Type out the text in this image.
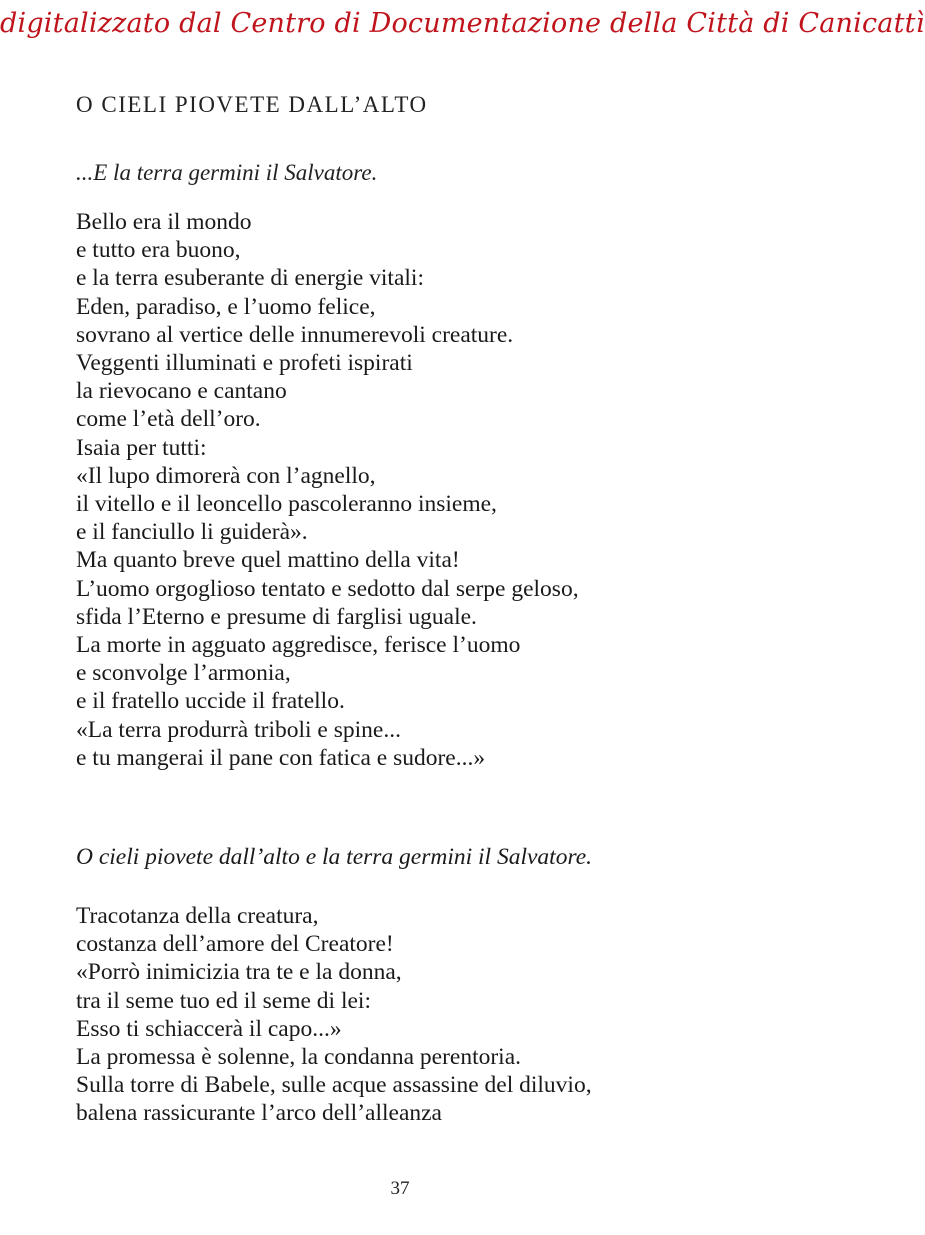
digitalizzato dal Centro di Documentazione della Città di Canicattì
O CIELI PIOVETE DALL’ALTO
...E la terra germini il Salvatore.
Bello era il mondo
e tutto era buono,
e la terra esuberante di energie vitali:
Eden, paradiso, e l’uomo felice,
sovrano al vertice delle innumerevoli creature.
Veggenti illuminati e profeti ispirati
la rievocano e cantano
come l’età dell’oro.
Isaia per tutti:
«Il lupo dimorerà con l’agnello,
il vitello e il leoncello pascoleranno insieme,
e il fanciullo li guiderà».
Ma quanto breve quel mattino della vita!
L’uomo orgoglioso tentato e sedotto dal serpe geloso,
sfida l’Eterno e presume di farglisi uguale.
La morte in agguato aggredisce, ferisce l’uomo
e sconvolge l’armonia,
e il fratello uccide il fratello.
«La terra produrrà triboli e spine...
e tu mangerai il pane con fatica e sudore...»
O cieli piovete dall’alto e la terra germini il Salvatore.
Tracotanza della creatura,
costanza dell’amore del Creatore!
«Porrò inimicizia tra te e la donna,
tra il seme tuo ed il seme di lei:
Esso ti schiaccerà il capo...»
La promessa è solenne, la condanna perentoria.
Sulla torre di Babele, sulle acque assassine del diluvio,
balena rassicurante l’arco dell’alleanza
37
